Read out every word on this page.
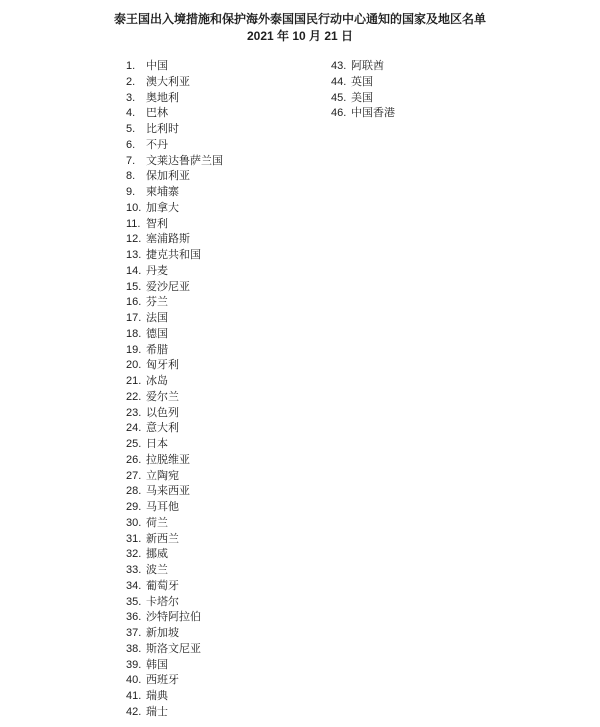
泰王国出入境措施和保护海外泰国国民行动中心通知的国家及地区名单
2021 年 10 月 21 日
1. 中国
2. 澳大利亚
3. 奥地利
4. 巴林
5. 比利时
6. 不丹
7. 文莱达鲁萨兰国
8. 保加利亚
9. 柬埔寨
10. 加拿大
11. 智利
12. 塞浦路斯
13. 捷克共和国
14. 丹麦
15. 爱沙尼亚
16. 芬兰
17. 法国
18. 德国
19. 希腊
20. 匈牙利
21. 冰岛
22. 爱尔兰
23. 以色列
24. 意大利
25. 日本
26. 拉脱维亚
27. 立陶宛
28. 马来西亚
29. 马耳他
30. 荷兰
31. 新西兰
32. 挪威
33. 波兰
34. 葡萄牙
35. 卡塔尔
36. 沙特阿拉伯
37. 新加坡
38. 斯洛文尼亚
39. 韩国
40. 西班牙
41. 瑞典
42. 瑞士
43. 阿联酋
44. 英国
45. 美国
46. 中国香港
